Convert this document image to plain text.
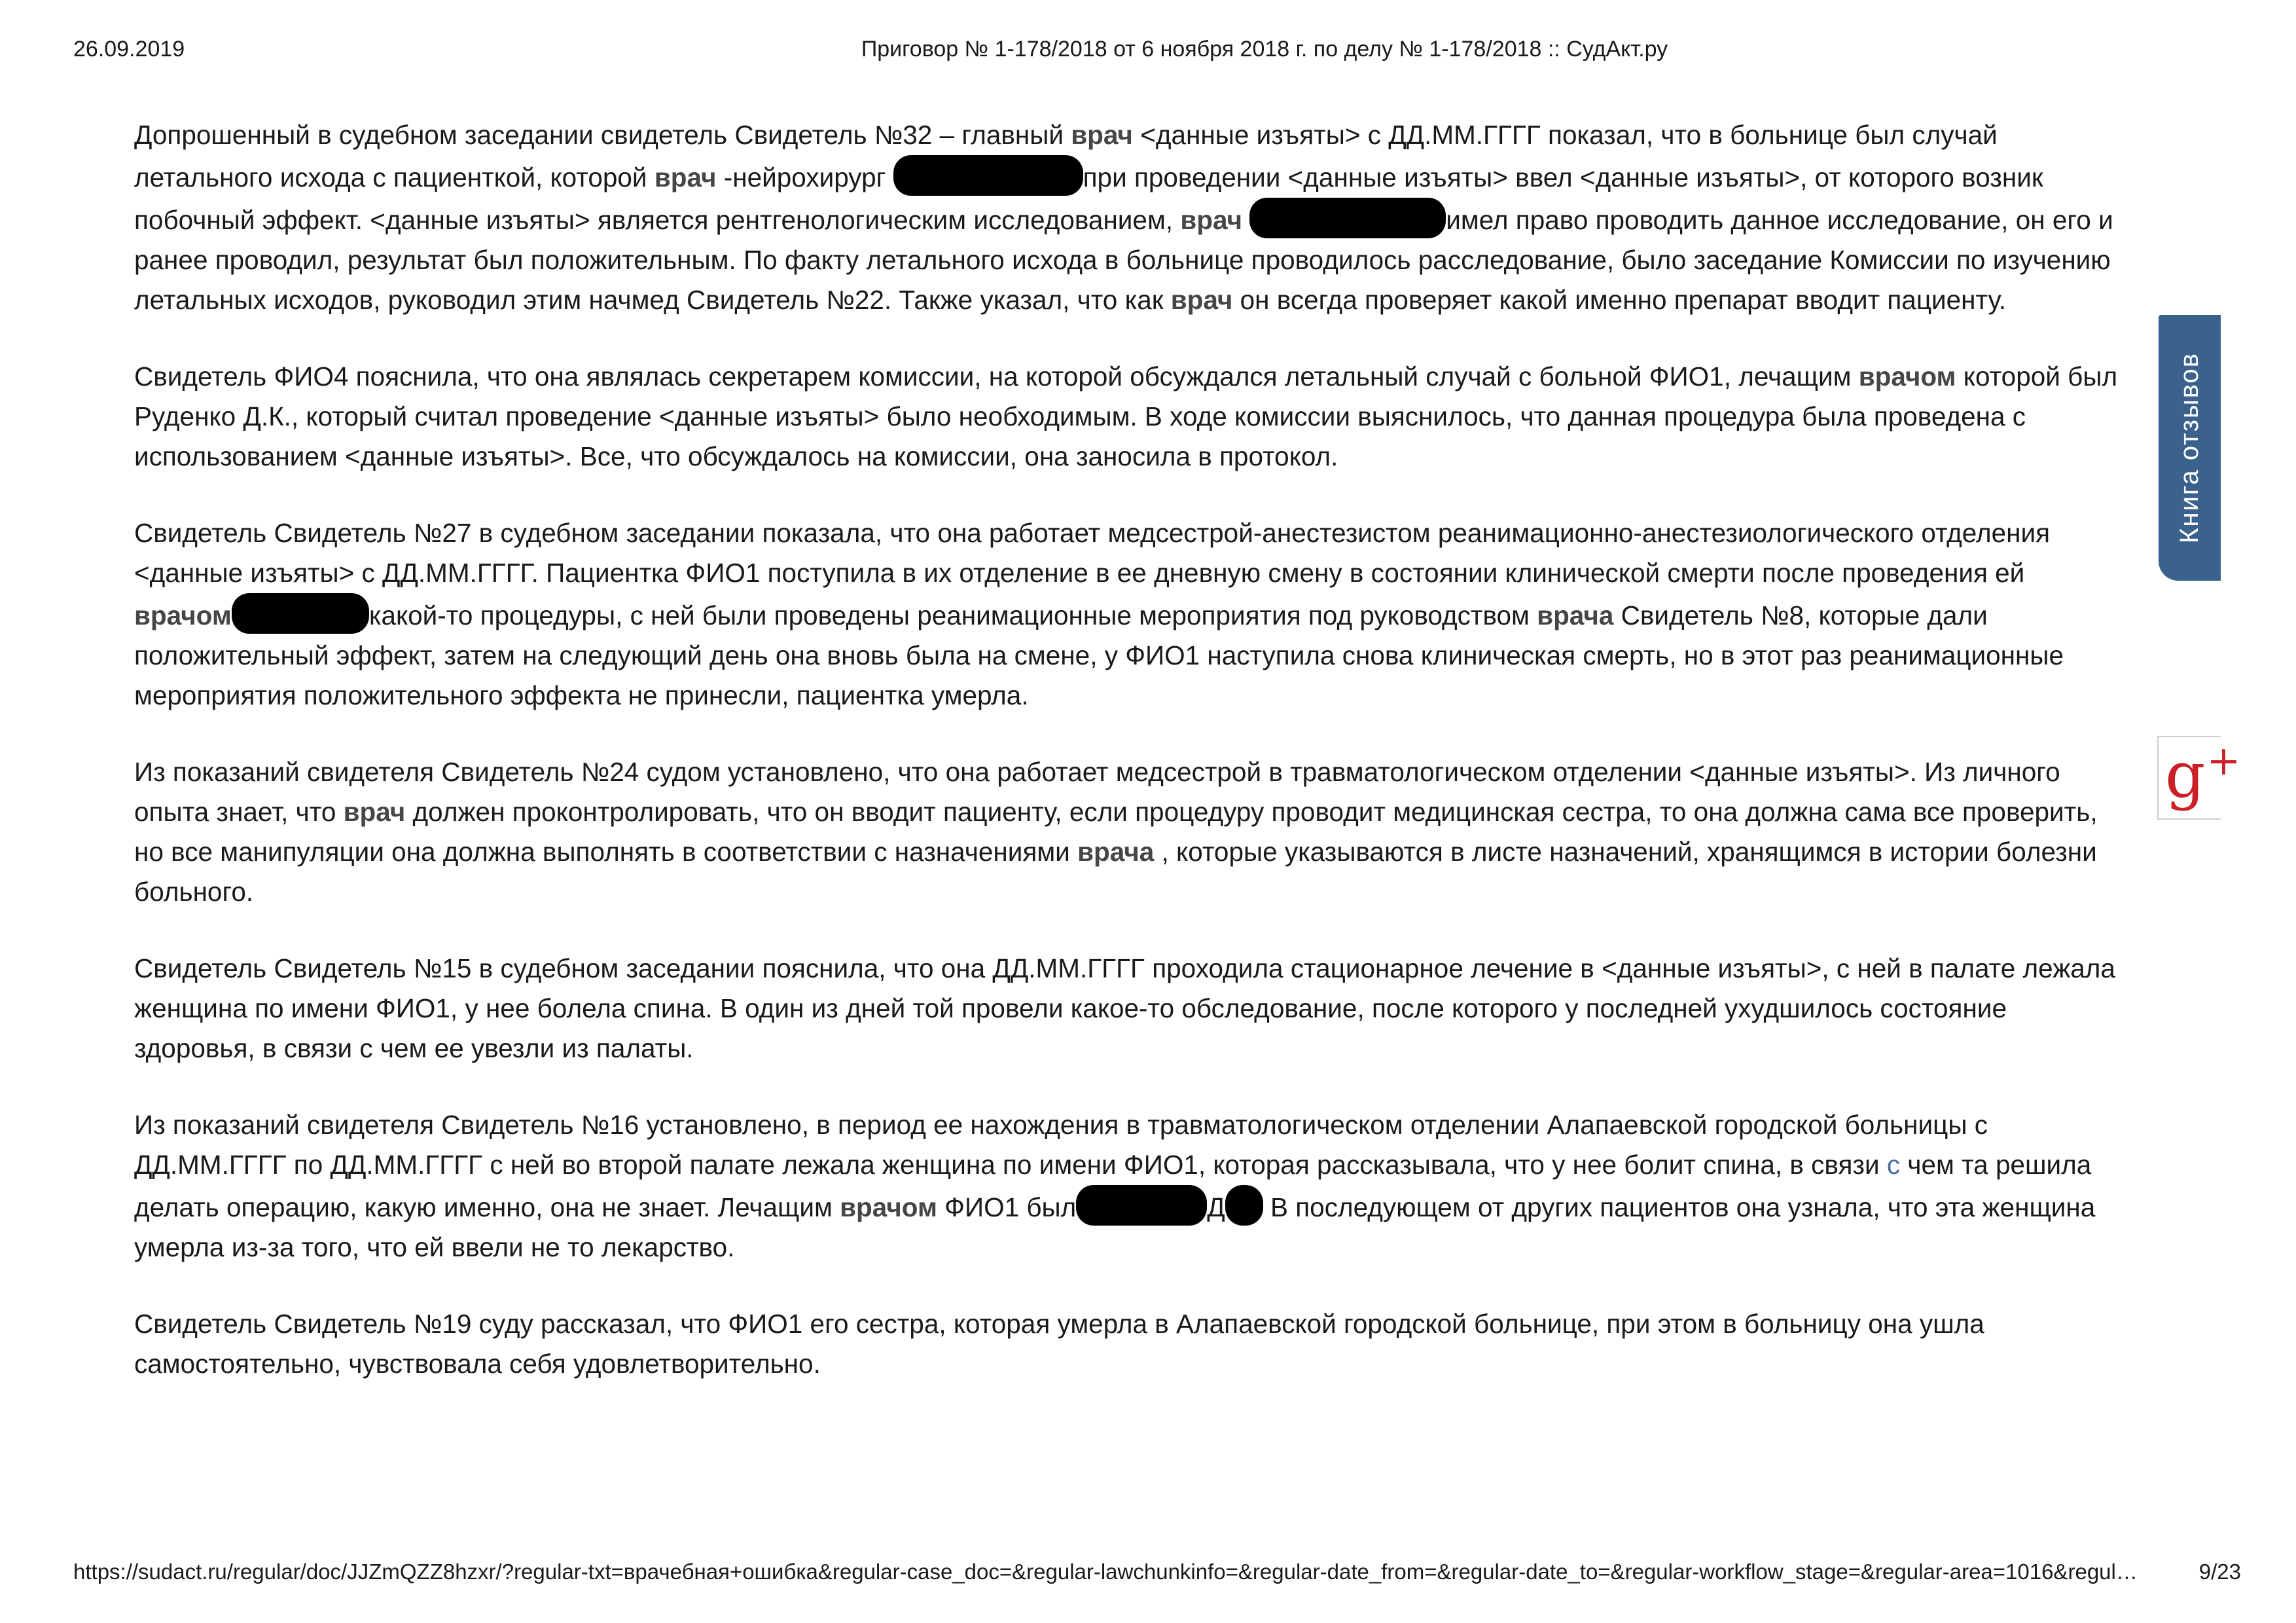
26.09.2019	Приговор № 1-178/2018 от 6 ноября 2018 г. по делу № 1-178/2018 :: СудАкт.ру

Допрошенный в судебном заседании свидетель Свидетель №32 – главный врач <данные изъяты> с ДД.ММ.ГГГГ показал, что в больнице был случай летального исхода с пациенткой, которой врач -нейрохирург	при проведении <данные изъяты> ввел <данные изъяты>, от которого возник побочный эффект. <данные изъяты> является рентгенологическим исследованием, врач	имел право проводить данное исследование, он его и ранее проводил, результат был положительным. По факту летального исхода в больнице проводилось расследование, было заседание Комиссии по изучению летальных исходов, руководил этим начмед Свидетель №22. Также указал, что как врач он всегда проверяет какой именно препарат вводит пациенту.

Свидетель ФИО4 пояснила, что она являлась секретарем комиссии, на которой обсуждался летальный случай с больной ФИО1, лечащим врачом которой был Руденко Д.К., который считал проведение <данные изъяты> было необходимым. В ходе комиссии выяснилось, что данная процедура была проведена с использованием <данные изъяты>. Все, что обсуждалось на комиссии, она заносила в протокол.

Свидетель Свидетель №27 в судебном заседании показала, что она работает медсестрой-анестезистом реанимационно-анестезиологического отделения <данные изъяты> с ДД.ММ.ГГГГ. Пациентка ФИО1 поступила в их отделение в ее дневную смену в состоянии клинической смерти после проведения ей врачом	какой-то процедуры, с ней были проведены реанимационные мероприятия под руководством врача Свидетель №8, которые дали положительный эффект, затем на следующий день она вновь была на смене, у ФИО1 наступила снова клиническая смерть, но в этот раз реанимационные мероприятия положительного эффекта не принесли, пациентка умерла.

Из показаний свидетеля Свидетель №24 судом установлено, что она работает медсестрой в травматологическом отделении <данные изъяты>. Из личного опыта знает, что врач должен проконтролировать, что он вводит пациенту, если процедуру проводит медицинская сестра, то она должна сама все проверить, но все манипуляции она должна выполнять в соответствии с назначениями врача , которые указываются в листе назначений, хранящимся в истории болезни больного.

Свидетель Свидетель №15 в судебном заседании пояснила, что она ДД.ММ.ГГГГ проходила стационарное лечение в <данные изъяты>, с ней в палате лежала женщина по имени ФИО1, у нее болела спина. В один из дней той провели какое-то обследование, после которого у последней ухудшилось состояние здоровья, в связи с чем ее увезли из палаты.

Из показаний свидетеля Свидетель №16 установлено, в период ее нахождения в травматологическом отделении Алапаевской городской больницы с ДД.ММ.ГГГГ по ДД.ММ.ГГГГ с ней во второй палате лежала женщина по имени ФИО1, которая рассказывала, что у нее болит спина, в связи с чем та решила делать операцию, какую именно, она не знает. Лечащим врачом ФИО1 был	Д В последующем от других пациентов она узнала, что эта женщина умерла из-за того, что ей ввели не то лекарство.

Свидетель Свидетель №19 суду рассказал, что ФИО1 его сестра, которая умерла в Алапаевской городской больнице, при этом в больницу она ушла самостоятельно, чувствовала себя удовлетворительно.

Книга отзывов
g+
https://sudact.ru/regular/doc/JJZmQZZ8hzxr/?regular-txt=врачебная+ошибка&regular-case_doc=&regular-lawchunkinfo=&regular-date_from=&regular-date_to=&regular-workflow_stage=&regular-area=1016&regul…	9/23
